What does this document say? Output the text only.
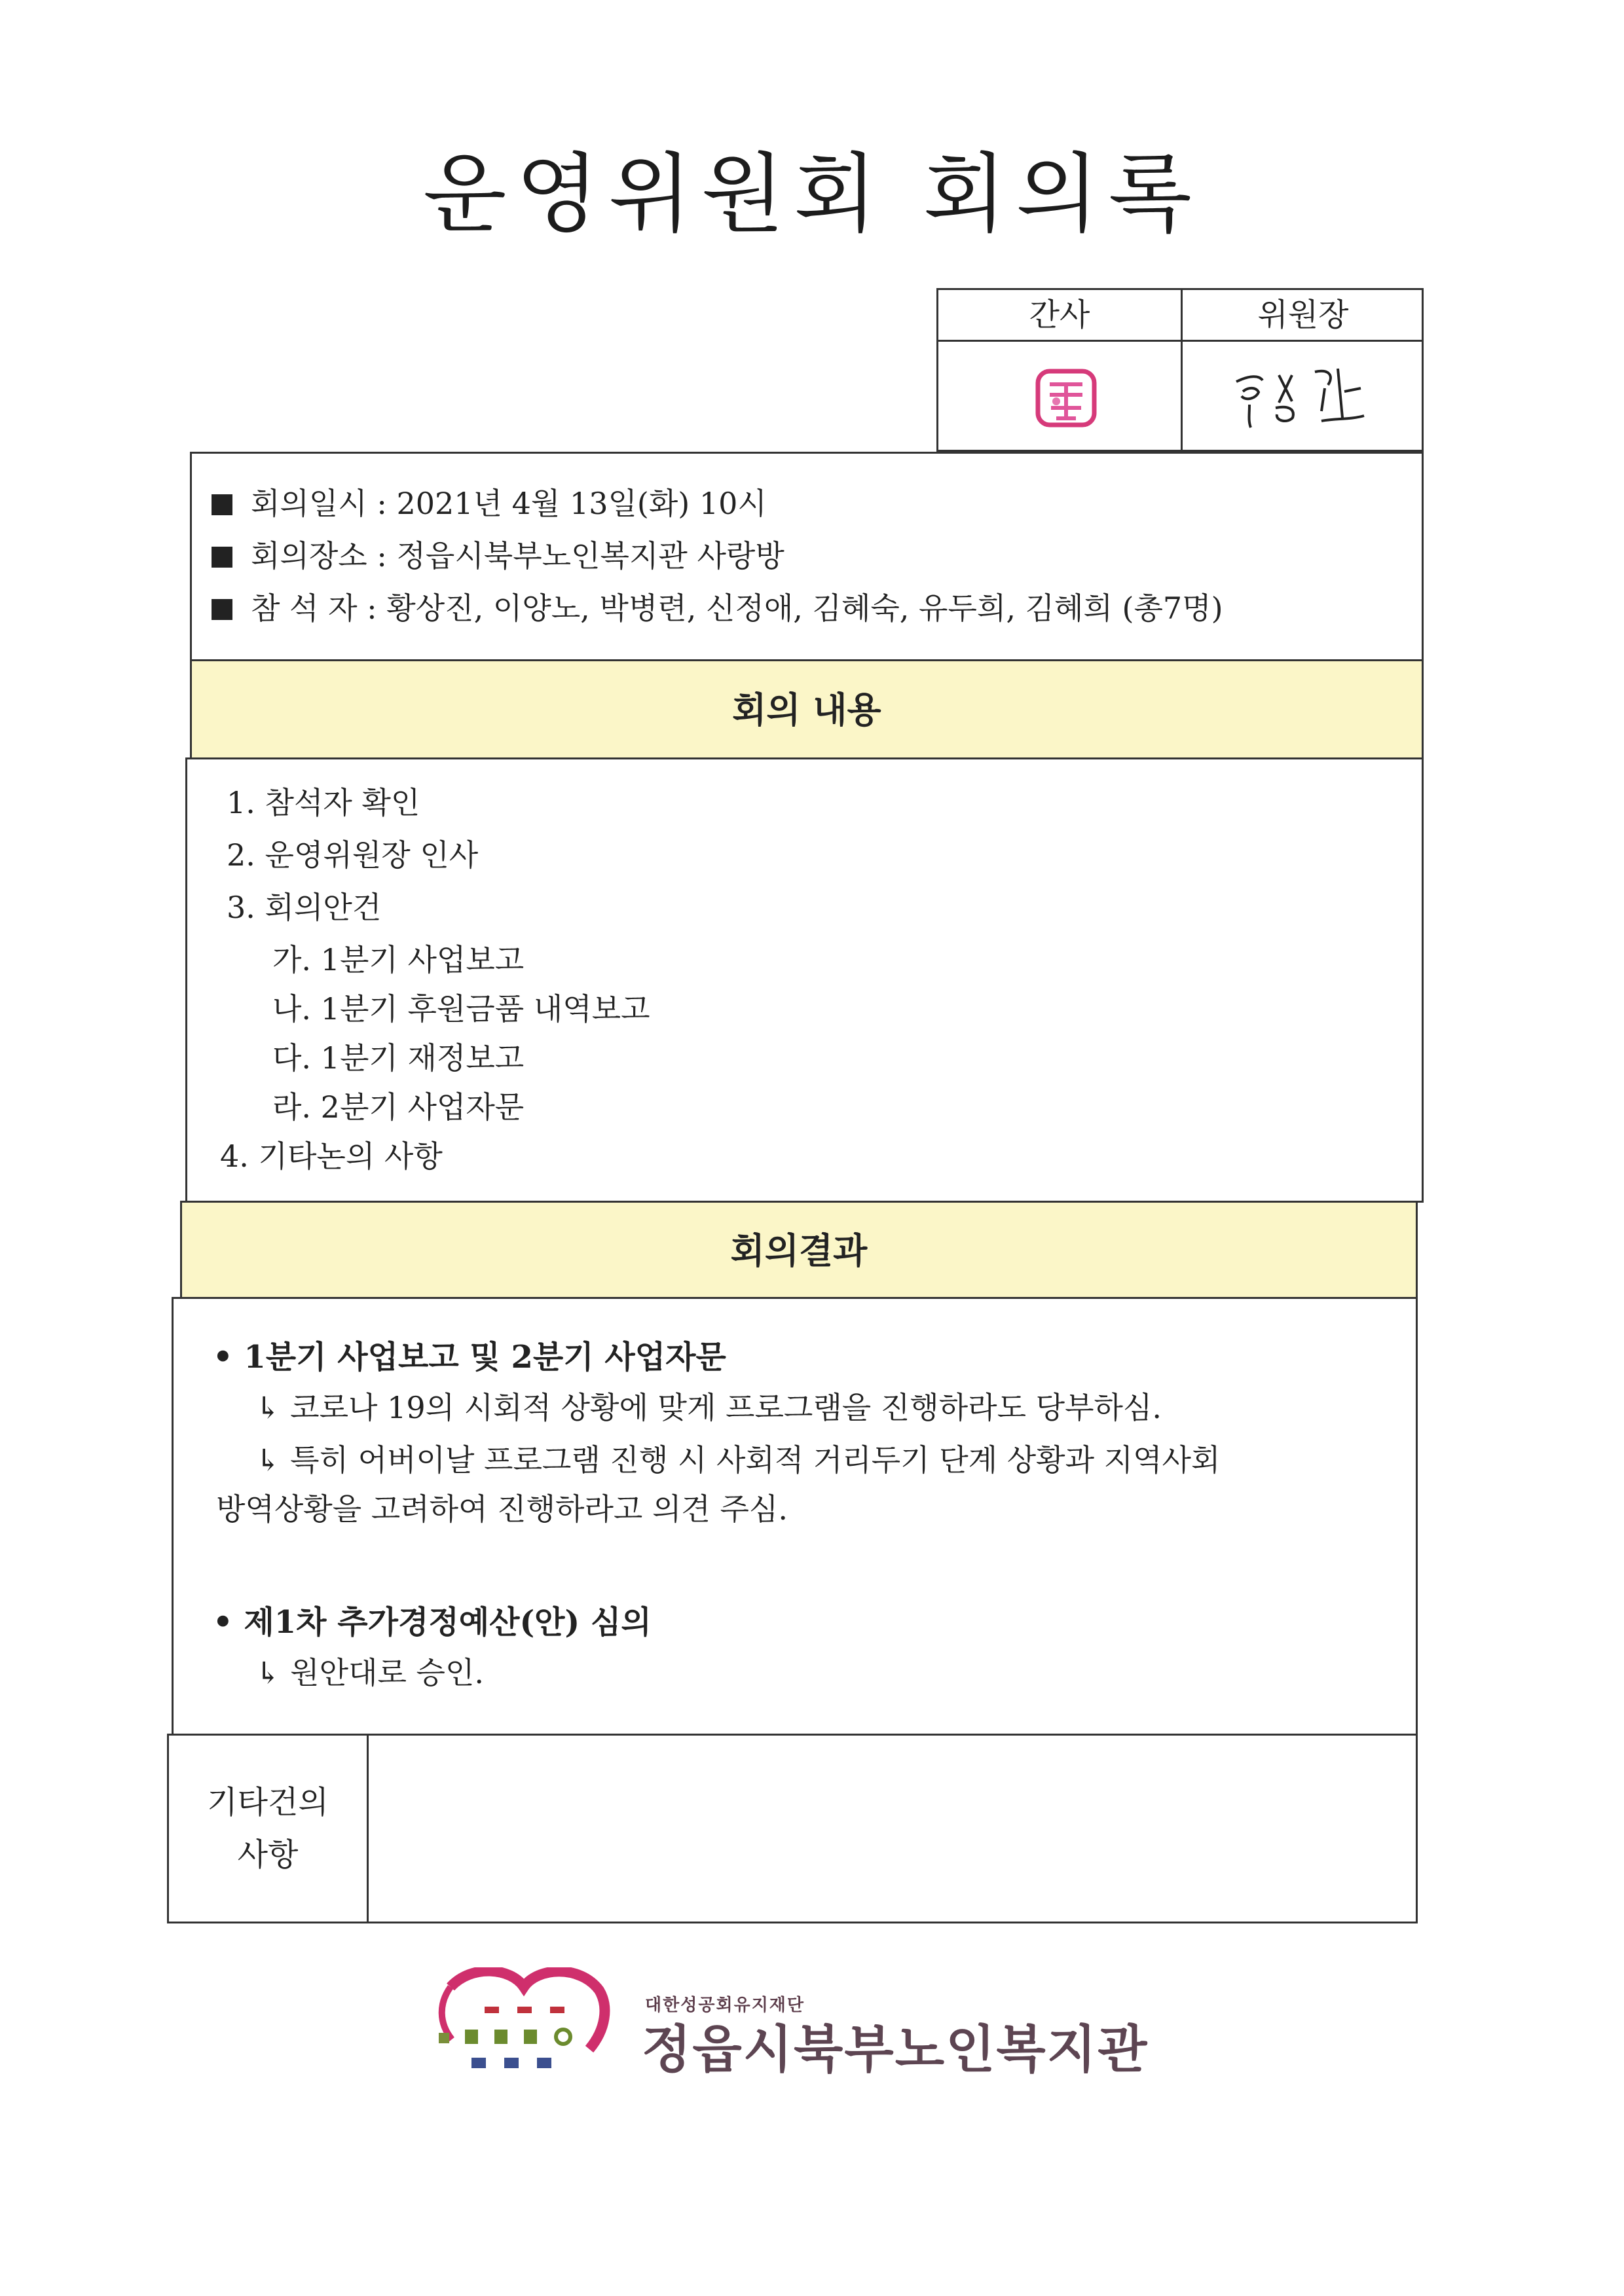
운영위원회 회의록
간사	위원장
회의일시 : 2021년 4월 13일(화) 10시
회의장소 : 정읍시북부노인복지관 사랑방
참 석 자 : 황상진, 이양노, 박병련, 신정애, 김혜숙, 유두희, 김혜희 (총7명)
회의 내용
1. 참석자 확인
2. 운영위원장 인사
3. 회의안건
가. 1분기 사업보고
나. 1분기 후원금품 내역보고
다. 1분기 재정보고
라. 2분기 사업자문
4. 기타논의 사항
회의결과
• 1분기 사업보고 및 2분기 사업자문
↳ 코로나 19의 시회적 상황에 맞게 프로그램을 진행하라도 당부하심.
↳ 특히 어버이날 프로그램 진행 시 사회적 거리두기 단계 상황과 지역사회
방역상황을 고려하여 진행하라고 의견 주심.
• 제1차 추가경정예산(안) 심의
↳ 원안대로 승인.
기타건의
사항
대한성공회유지재단
정읍시북부노인복지관
